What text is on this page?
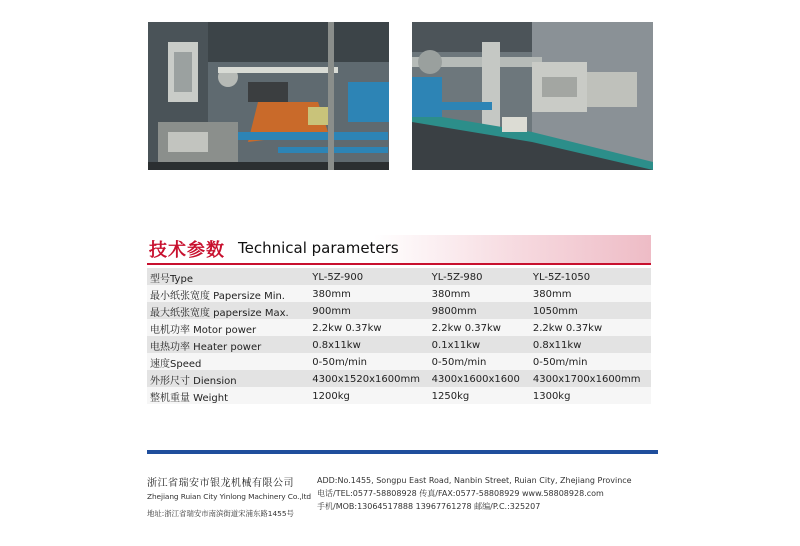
技术参数 Technical parameters
型号Type	YL-5Z-900	YL-5Z-980	YL-5Z-1050
最小纸张宽度 Papersize Min.	380mm	380mm	380mm
最大纸张宽度 papersize Max.	900mm	9800mm	1050mm
电机功率 Motor power	2.2kw 0.37kw	2.2kw 0.37kw	2.2kw 0.37kw
电热功率 Heater power	0.8x11kw	0.1x11kw	0.8x11kw
速度Speed	0-50m/min	0-50m/min	0-50m/min
外形尺寸 Diension	4300x1520x1600mm	4300x1600x1600	4300x1700x1600mm
整机重量 Weight	1200kg	1250kg	1300kg
浙江省瑞安市银龙机械有限公司
Zhejiang Ruian City Yinlong Machinery Co.,ltd
地址:浙江省瑞安市南滨街道宋浦东路1455号
ADD:No.1455, Songpu East Road, Nanbin Street, Ruian City, Zhejiang Province
电话/TEL:0577-58808928 传真/FAX:0577-58808929 www.58808928.com
手机/MOB:13064517888 13967761278 邮编/P.C.:325207
